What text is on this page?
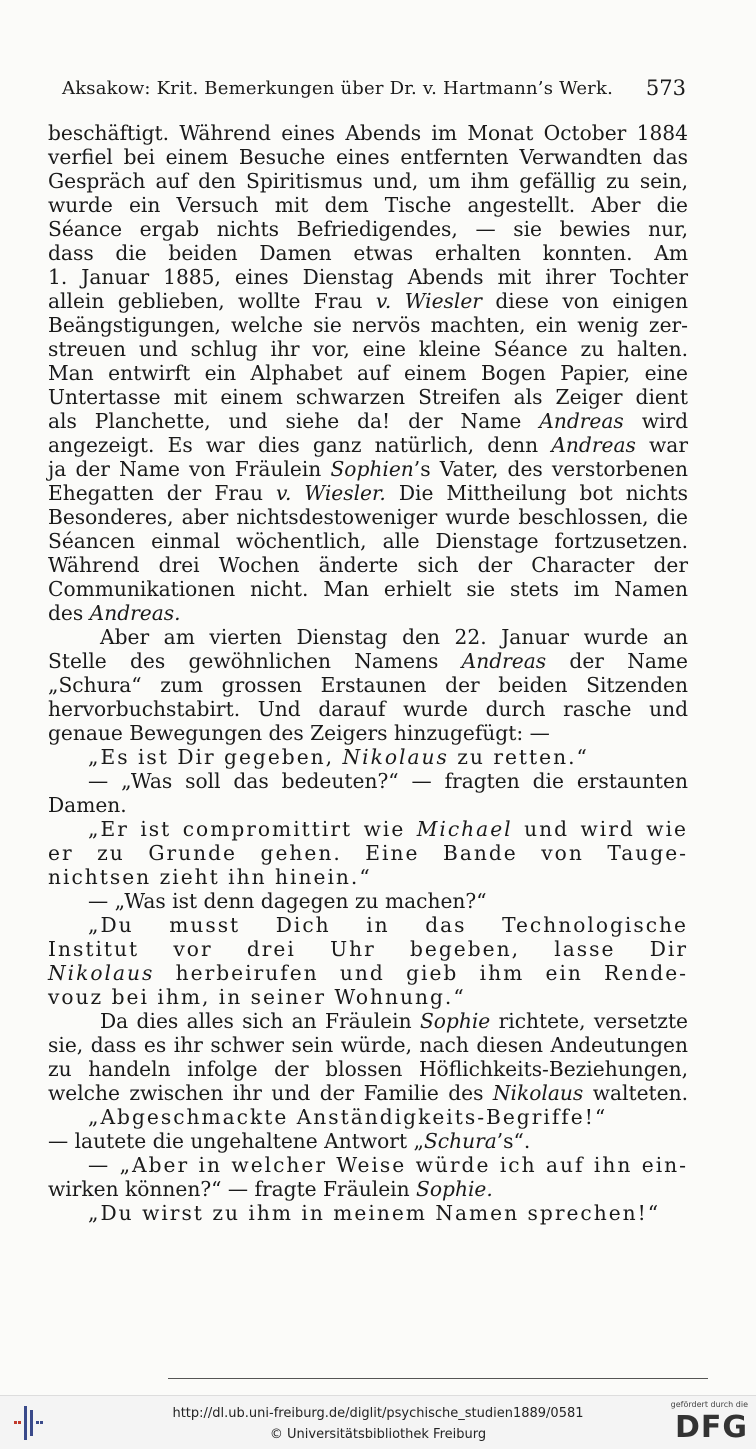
Aksakow: Krit. Bemerkungen über Dr. v. Hartmann’s Werk. 573
beschäftigt. Während eines Abends im Monat October 1884
verfiel bei einem Besuche eines entfernten Verwandten das
Gespräch auf den Spiritismus und, um ihm gefällig zu sein,
wurde ein Versuch mit dem Tische angestellt. Aber die
Séance ergab nichts Befriedigendes, — sie bewies nur,
dass die beiden Damen etwas erhalten konnten. Am
1. Januar 1885, eines Dienstag Abends mit ihrer Tochter
allein geblieben, wollte Frau v. Wiesler diese von einigen
Beängstigungen, welche sie nervös machten, ein wenig zer-
streuen und schlug ihr vor, eine kleine Séance zu halten.
Man entwirft ein Alphabet auf einem Bogen Papier, eine
Untertasse mit einem schwarzen Streifen als Zeiger dient
als Planchette, und siehe da! der Name Andreas wird
angezeigt. Es war dies ganz natürlich, denn Andreas war
ja der Name von Fräulein Sophien’s Vater, des verstorbenen
Ehegatten der Frau v. Wiesler. Die Mittheilung bot nichts
Besonderes, aber nichtsdestoweniger wurde beschlossen, die
Séancen einmal wöchentlich, alle Dienstage fortzusetzen.
Während drei Wochen änderte sich der Character der
Communikationen nicht. Man erhielt sie stets im Namen
des Andreas.
Aber am vierten Dienstag den 22. Januar wurde an
Stelle des gewöhnlichen Namens Andreas der Name
„Schura“ zum grossen Erstaunen der beiden Sitzenden
hervorbuchstabirt. Und darauf wurde durch rasche und
genaue Bewegungen des Zeigers hinzugefügt: —
„Es ist Dir gegeben, Nikolaus zu retten.“
— „Was soll das bedeuten?“ — fragten die erstaunten
Damen.
„Er ist compromittirt wie Michael und wird wie
er zu Grunde gehen. Eine Bande von Tauge-
nichtsen zieht ihn hinein.“
— „Was ist denn dagegen zu machen?“
„Du musst Dich in das Technologische
Institut vor drei Uhr begeben, lasse Dir
Nikolaus herbeirufen und gieb ihm ein Rende-
vouz bei ihm, in seiner Wohnung.“
Da dies alles sich an Fräulein Sophie richtete, versetzte
sie, dass es ihr schwer sein würde, nach diesen Andeutungen
zu handeln infolge der blossen Höflichkeits-Beziehungen,
welche zwischen ihr und der Familie des Nikolaus walteten.
„Abgeschmackte Anständigkeits-Begriffe!“
— lautete die ungehaltene Antwort „Schura’s“.
— „Aber in welcher Weise würde ich auf ihn ein-
wirken können?“ — fragte Fräulein Sophie.
„Du wirst zu ihm in meinem Namen sprechen!“
http://dl.ub.uni-freiburg.de/diglit/psychische_studien1889/0581
© Universitätsbibliothek Freiburg
gefördert durch die
DFG
